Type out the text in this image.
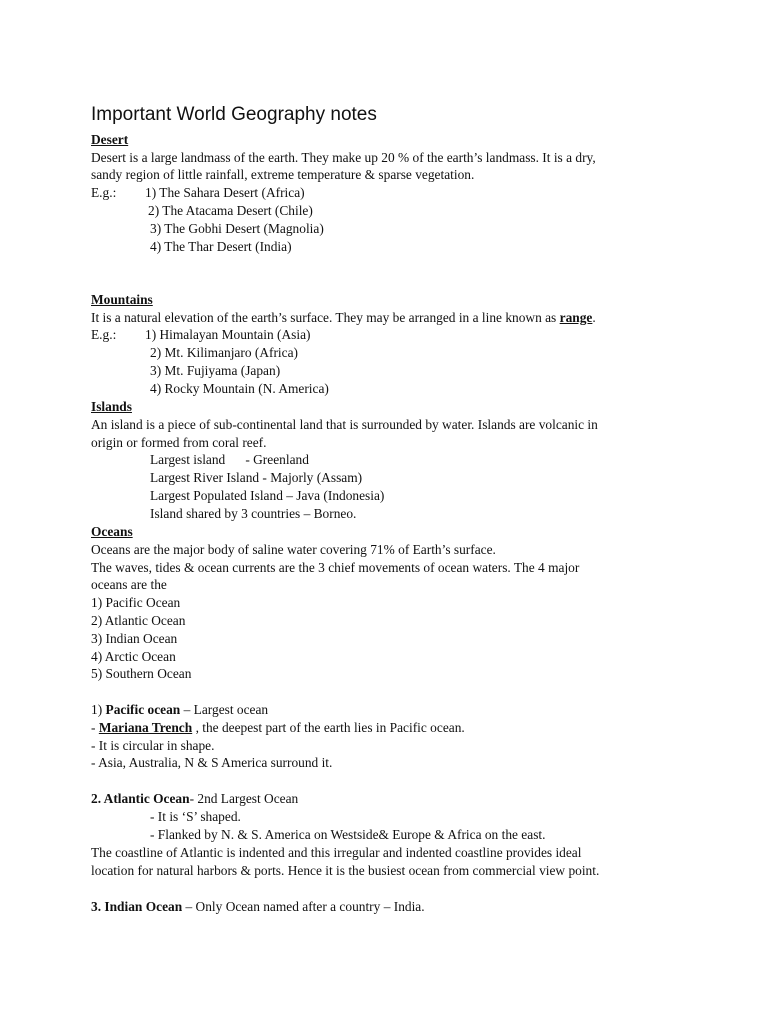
Important World Geography notes
Desert
Desert is a large landmass of the earth. They make up 20 % of the earth’s landmass. It is a dry,
sandy region of little rainfall, extreme temperature & sparse vegetation.
E.g.: 1) The Sahara Desert (Africa)
2) The Atacama Desert (Chile)
3) The Gobhi Desert (Magnolia)
4) The Thar Desert (India)
Mountains
It is a natural elevation of the earth’s surface. They may be arranged in a line known as range.
E.g.: 1) Himalayan Mountain (Asia)
2) Mt. Kilimanjaro (Africa)
3) Mt. Fujiyama (Japan)
4) Rocky Mountain (N. America)
Islands
An island is a piece of sub-continental land that is surrounded by water. Islands are volcanic in
origin or formed from coral reef.
Largest island      - Greenland
Largest River Island - Majorly (Assam)
Largest Populated Island – Java (Indonesia)
Island shared by 3 countries – Borneo.
Oceans
Oceans are the major body of saline water covering 71% of Earth’s surface.
The waves, tides & ocean currents are the 3 chief movements of ocean waters. The 4 major
oceans are the
1) Pacific Ocean
2) Atlantic Ocean
3) Indian Ocean
4) Arctic Ocean
5) Southern Ocean
1) Pacific ocean – Largest ocean
- Mariana Trench , the deepest part of the earth lies in Pacific ocean.
- It is circular in shape.
- Asia, Australia, N & S America surround it.
2. Atlantic Ocean- 2nd Largest Ocean
- It is ‘S’ shaped.
- Flanked by N. & S. America on Westside& Europe & Africa on the east.
The coastline of Atlantic is indented and this irregular and indented coastline provides ideal
location for natural harbors & ports. Hence it is the busiest ocean from commercial view point.
3. Indian Ocean – Only Ocean named after a country – India.
